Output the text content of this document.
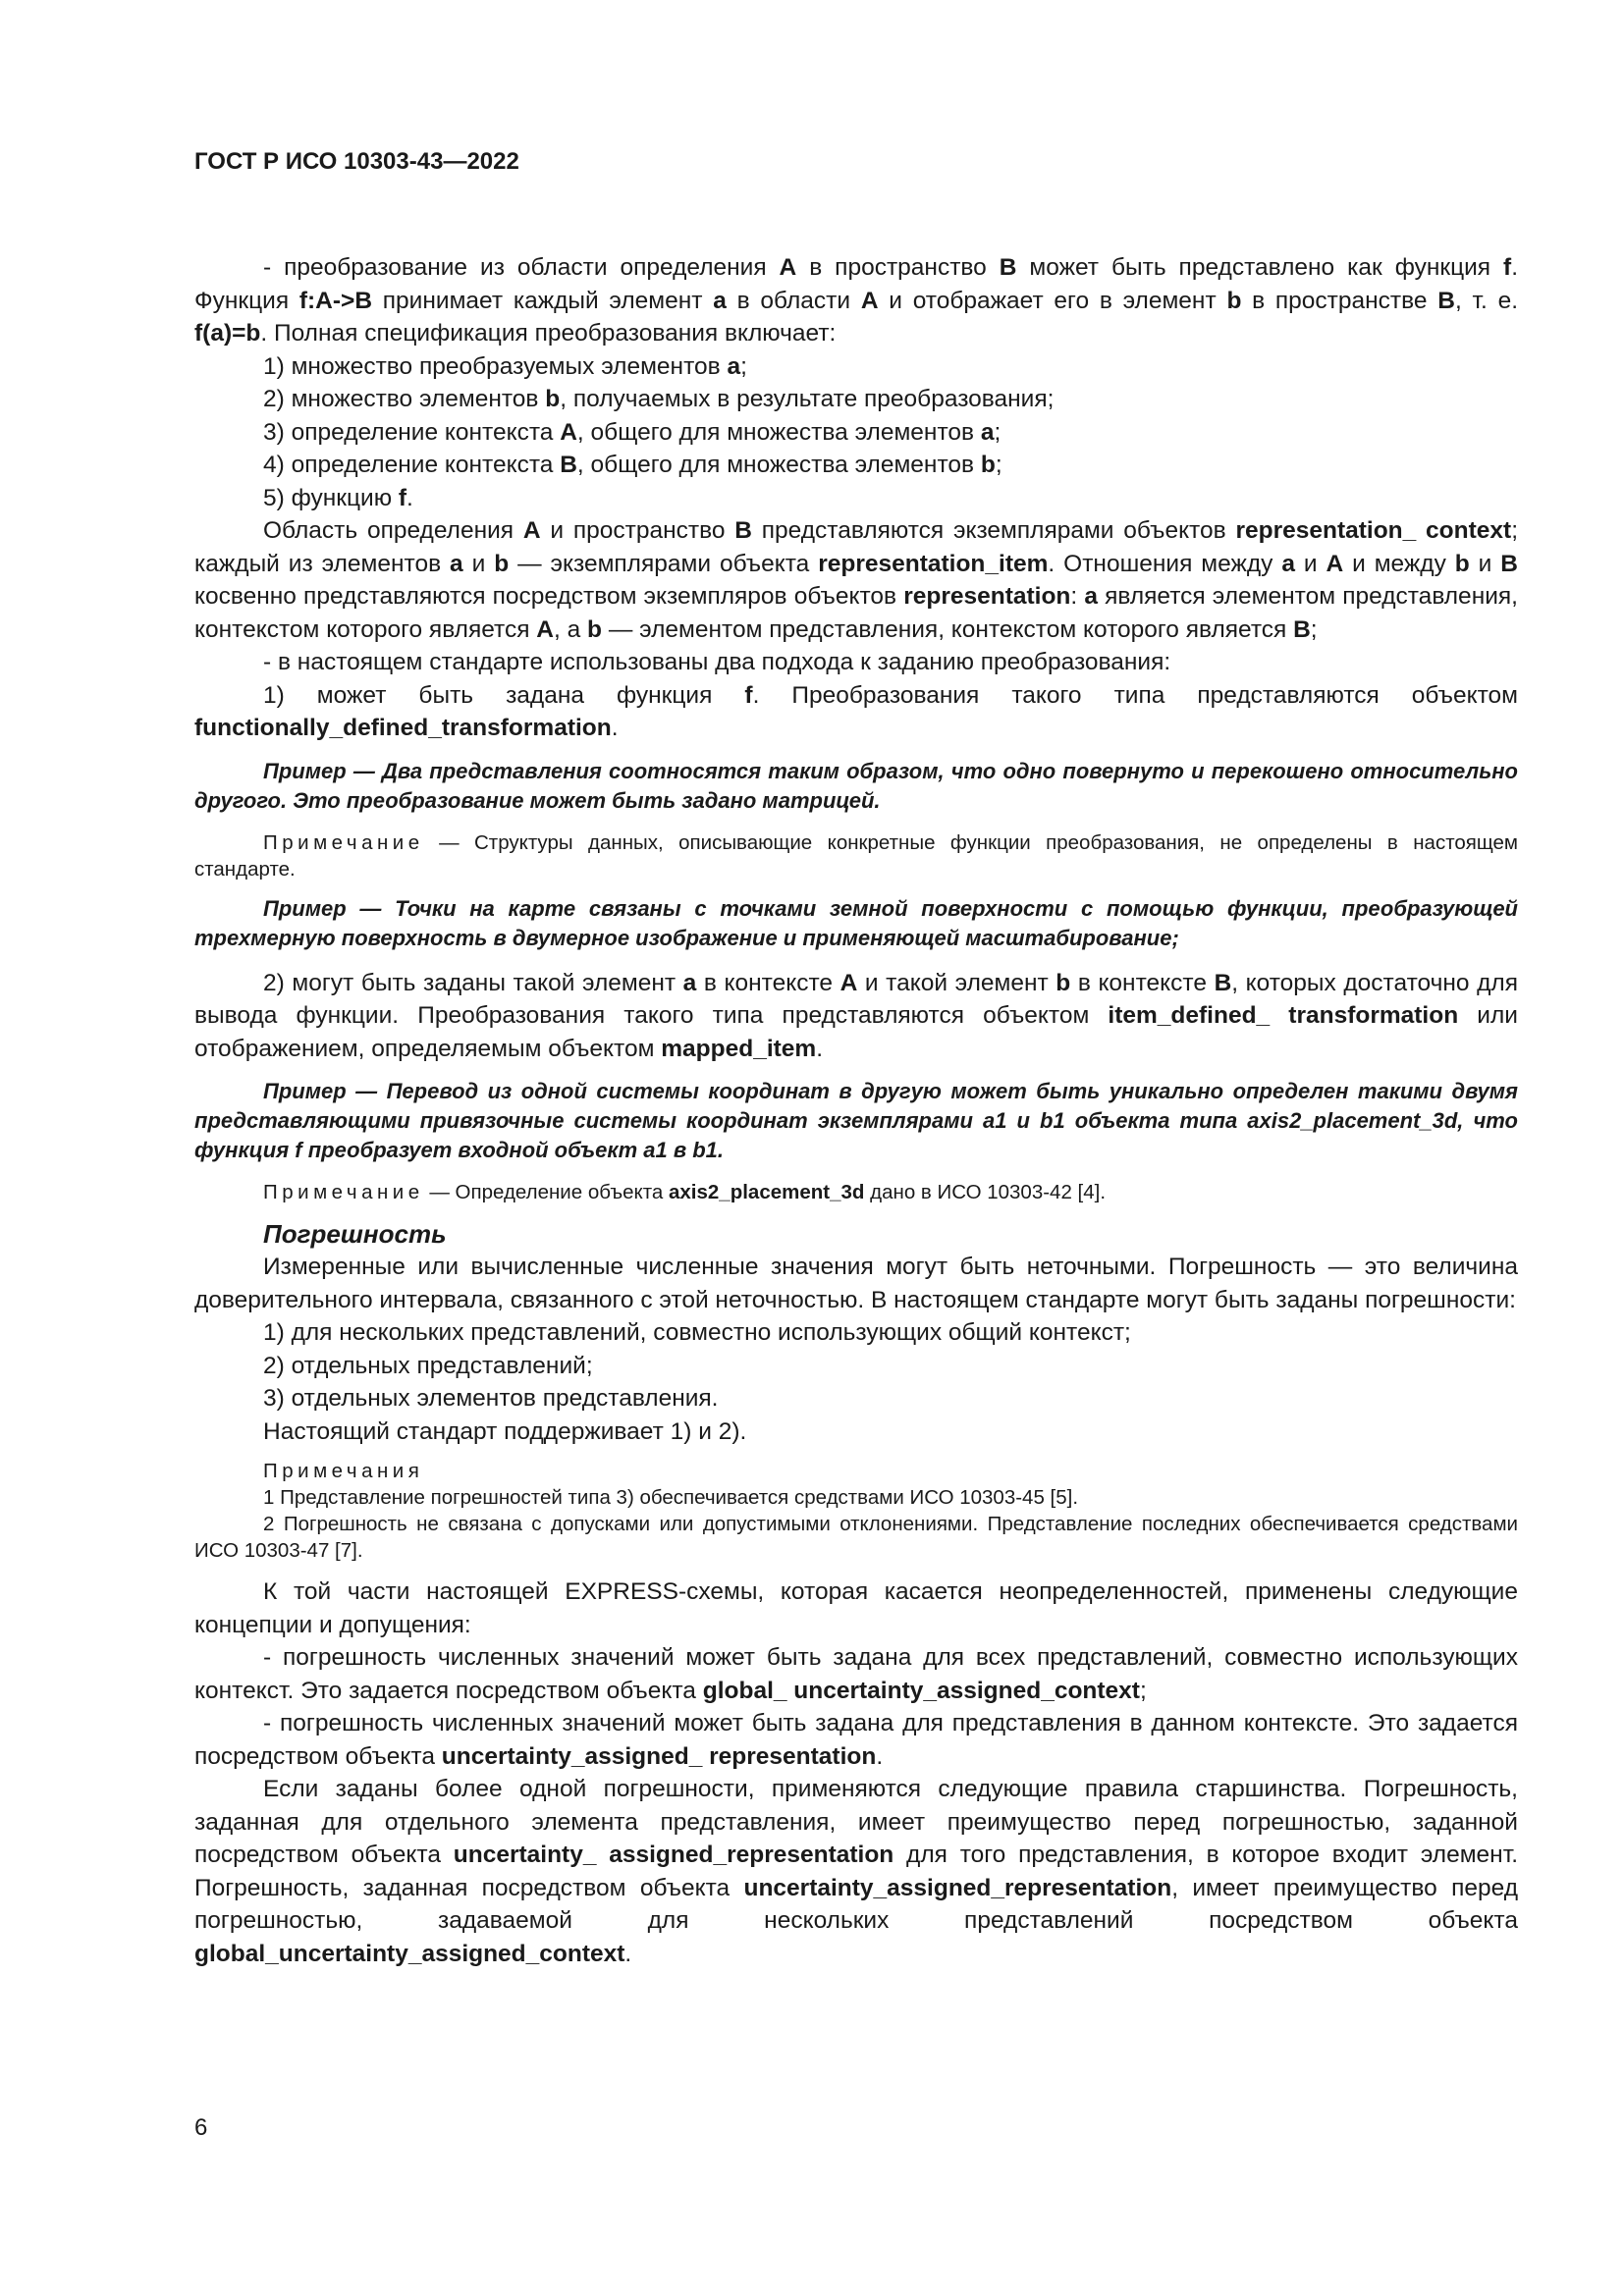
ГОСТ Р ИСО 10303-43—2022

- преобразование из области определения A в пространство B может быть представлено как функция f. Функция f:A->B принимает каждый элемент a в области A и отображает его в элемент b в пространстве B, т. е. f(a)=b. Полная спецификация преобразования включает:

1) множество преобразуемых элементов a;

2) множество элементов b, получаемых в результате преобразования;

3) определение контекста A, общего для множества элементов a;

4) определение контекста B, общего для множества элементов b;

5) функцию f.

Область определения A и пространство B представляются экземплярами объектов representation_ context; каждый из элементов a и b — экземплярами объекта representation_item. Отношения между a и A и между b и B косвенно представляются посредством экземпляров объектов representation: a является элементом представления, контекстом которого является A, а b — элементом представления, контекстом которого является B;

- в настоящем стандарте использованы два подхода к заданию преобразования:

1) может быть задана функция f. Преобразования такого типа представляются объектом functionally_defined_transformation.

Пример — Два представления соотносятся таким образом, что одно повернуто и перекошено относительно другого. Это преобразование может быть задано матрицей.

Примечание — Структуры данных, описывающие конкретные функции преобразования, не определены в настоящем стандарте.

Пример — Точки на карте связаны с точками земной поверхности с помощью функции, преобразующей трехмерную поверхность в двумерное изображение и применяющей масштабирование;

2) могут быть заданы такой элемент a в контексте A и такой элемент b в контексте B, которых достаточно для вывода функции. Преобразования такого типа представляются объектом item_defined_ transformation или отображением, определяемым объектом mapped_item.

Пример — Перевод из одной системы координат в другую может быть уникально определен такими двумя представляющими привязочные системы координат экземплярами a1 и b1 объекта типа axis2_placement_3d, что функция f преобразует входной объект a1 в b1.

Примечание — Определение объекта axis2_placement_3d дано в ИСО 10303-42 [4].

Погрешность

Измеренные или вычисленные численные значения могут быть неточными. Погрешность — это величина доверительного интервала, связанного с этой неточностью. В настоящем стандарте могут быть заданы погрешности:

1) для нескольких представлений, совместно использующих общий контекст;

2) отдельных представлений;

3) отдельных элементов представления.

Настоящий стандарт поддерживает 1) и 2).

Примечания

1 Представление погрешностей типа 3) обеспечивается средствами ИСО 10303-45 [5].

2 Погрешность не связана с допусками или допустимыми отклонениями. Представление последних обеспечивается средствами ИСО 10303-47 [7].

К той части настоящей EXPRESS-схемы, которая касается неопределенностей, применены следующие концепции и допущения:

- погрешность численных значений может быть задана для всех представлений, совместно использующих контекст. Это задается посредством объекта global_ uncertainty_assigned_context;

- погрешность численных значений может быть задана для представления в данном контексте. Это задается посредством объекта uncertainty_assigned_ representation.

Если заданы более одной погрешности, применяются следующие правила старшинства. Погрешность, заданная для отдельного элемента представления, имеет преимущество перед погрешностью, заданной посредством объекта uncertainty_ assigned_representation для того представления, в которое входит элемент. Погрешность, заданная посредством объекта uncertainty_assigned_representation, имеет преимущество перед погрешностью, задаваемой для нескольких представлений посредством объекта global_uncertainty_assigned_context.

6
